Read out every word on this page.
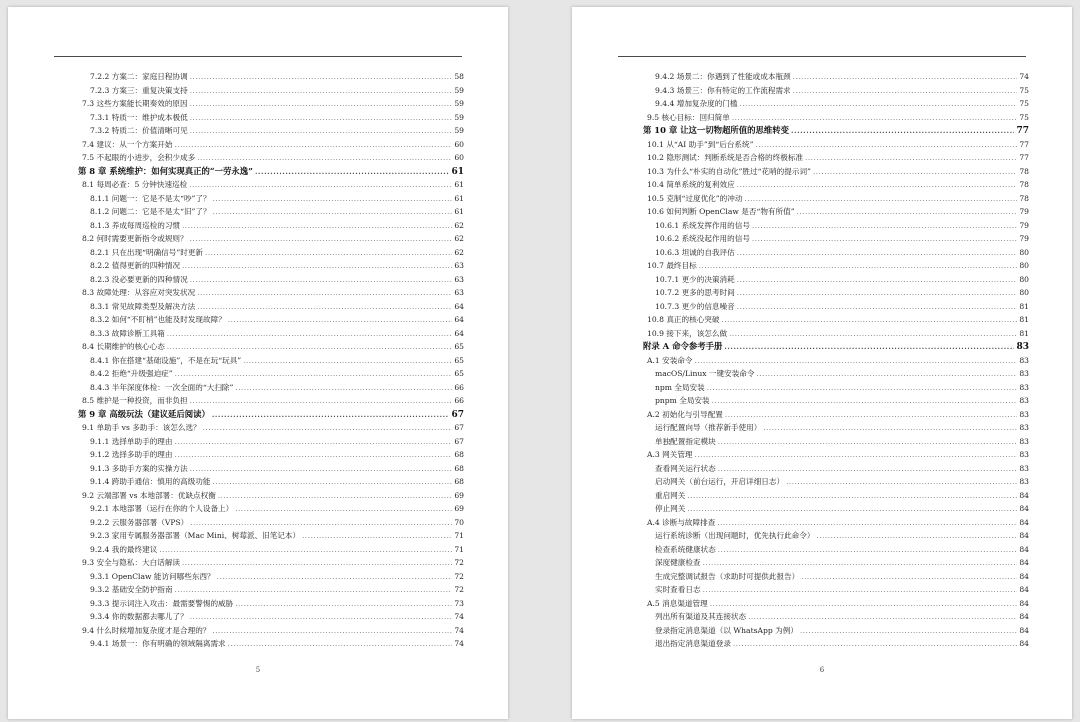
7.2.2 方案二：家庭日程协调 .....	58
7.2.3 方案三：重复决策支持 .....	59
7.3 这些方案能长期奏效的原因 .....	59
7.3.1 特质一：维护成本极低 .....	59
7.3.2 特质二：价值清晰可见 .....	59
7.4 建议：从一个方案开始 .....	60
7.5 不起眼的小进步，会积少成多 .....	60
第 8 章 系统维护：如何实现真正的“一劳永逸” .....	61
8.1 每周必查：5 分钟快速巡检 .....	61
8.1.1 问题一：它是不是太“吵”了？ .....	61
8.1.2 问题二：它是不是太“旧”了？ .....	61
8.1.3 养成每周巡检的习惯 .....	62
8.2 何时需要更新指令或规则？ .....	62
8.2.1 只在出现“明确信号”时更新 .....	62
8.2.2 值得更新的四种情况 .....	63
8.2.3 没必要更新的四种情况 .....	63
8.3 故障处理：从容应对突发状况 .....	63
8.3.1 常见故障类型及解决方法 .....	64
8.3.2 如何“不盯梢”也能及时发现故障？ .....	64
8.3.3 故障诊断工具箱 .....	64
8.4 长期维护的核心心态 .....	65
8.4.1 你在搭建“基础设施”，不是在玩“玩具” .....	65
8.4.2 拒绝“升级强迫症” .....	65
8.4.3 半年深度体检：一次全面的“大扫除” .....	66
8.5 维护是一种投资，而非负担 .....	66
第 9 章 高级玩法（建议延后阅读） .....	67
9.1 单助手 vs 多助手：该怎么选？ .....	67
9.1.1 选择单助手的理由 .....	67
9.1.2 选择多助手的理由 .....	68
9.1.3 多助手方案的实操方法 .....	68
9.1.4 跨助手通信：慎用的高级功能 .....	68
9.2 云端部署 vs 本地部署：优缺点权衡 .....	69
9.2.1 本地部署（运行在你的个人设备上） .....	69
9.2.2 云服务器部署（VPS） .....	70
9.2.3 家用专属服务器部署（Mac Mini、树莓派、旧笔记本） .....	71
9.2.4 我的最终建议 .....	71
9.3 安全与隐私：大白话解读 .....	72
9.3.1 OpenClaw 能访问哪些东西？ .....	72
9.3.2 基础安全防护指南 .....	72
9.3.3 提示词注入攻击：最需要警惕的威胁 .....	73
9.3.4 你的数据都去哪儿了？ .....	74
9.4 什么时候增加复杂度才是合理的？ .....	74
9.4.1 场景一：你有明确的领域隔离需求 .....	74
5
9.4.2 场景二：你遇到了性能或成本瓶颈 .....	74
9.4.3 场景三：你有特定的工作流程需求 .....	75
9.4.4 增加复杂度的门槛 .....	75
9.5 核心目标：回归简单 .....	75
第 10 章 让这一切物超所值的思维转变 .....	77
10.1 从“AI 助手”到“后台系统” .....	77
10.2 隐形测试：判断系统是否合格的终极标准 .....	77
10.3 为什么“朴实的自动化”胜过“花哨的提示词” .....	78
10.4 简单系统的复利效应 .....	78
10.5 克制“过度优化”的冲动 .....	78
10.6 如何判断 OpenClaw 是否“物有所值” .....	79
10.6.1 系统发挥作用的信号 .....	79
10.6.2 系统没起作用的信号 .....	79
10.6.3 坦诚的自我评估 .....	80
10.7 最终目标 .....	80
10.7.1 更少的决策消耗 .....	80
10.7.2 更多的思考时间 .....	80
10.7.3 更少的信息噪音 .....	81
10.8 真正的核心突破 .....	81
10.9 接下来，该怎么做 .....	81
附录 A 命令参考手册 .....	83
A.1 安装命令 .....	83
macOS/Linux 一键安装命令 .....	83
npm 全局安装 .....	83
pnpm 全局安装 .....	83
A.2 初始化与引导配置 .....	83
运行配置向导（推荐新手使用） .....	83
单独配置指定模块 .....	83
A.3 网关管理 .....	83
查看网关运行状态 .....	83
启动网关（前台运行，开启详细日志） .....	83
重启网关 .....	84
停止网关 .....	84
A.4 诊断与故障排查 .....	84
运行系统诊断（出现问题时，优先执行此命令） .....	84
检查系统健康状态 .....	84
深度健康检查 .....	84
生成完整调试报告（求助时可提供此报告） .....	84
实时查看日志 .....	84
A.5 消息渠道管理 .....	84
列出所有渠道及其连接状态 .....	84
登录指定消息渠道（以 WhatsApp 为例） .....	84
退出指定消息渠道登录 .....	84
6
